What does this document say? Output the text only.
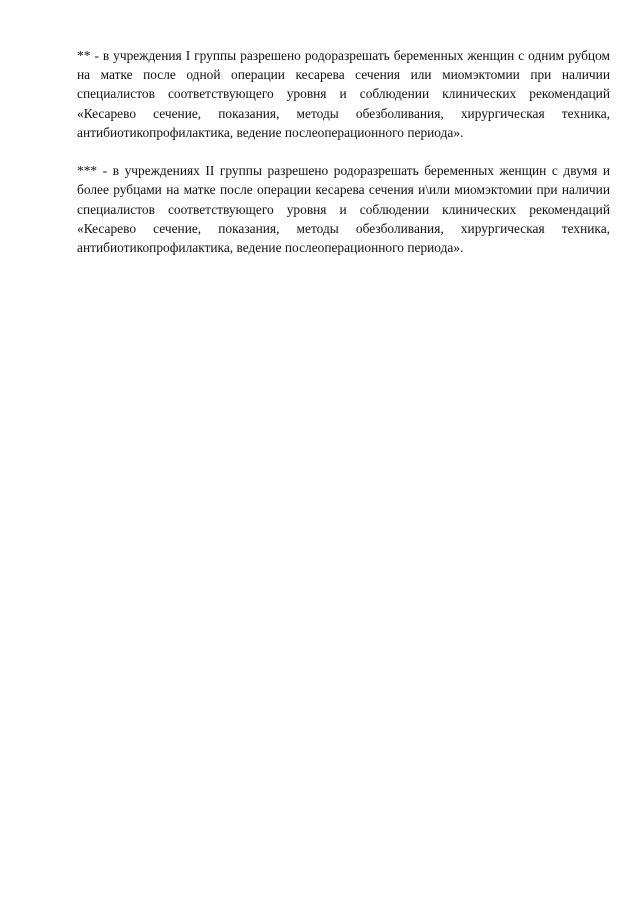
** - в учреждения I группы разрешено родоразрешать беременных женщин с одним рубцом на матке после одной операции кесарева сечения или миомэктомии при наличии специалистов соответствующего уровня и соблюдении клинических рекомендаций «Кесарево сечение, показания, методы обезболивания, хирургическая техника, антибиотикопрофилактика, ведение послеоперационного периода».

*** - в учреждениях II группы разрешено родоразрешать беременных женщин с двумя и более рубцами на матке после операции кесарева сечения и\или миомэктомии при наличии специалистов соответствующего уровня и соблюдении клинических рекомендаций «Кесарево сечение, показания, методы обезболивания, хирургическая техника, антибиотикопрофилактика, ведение послеоперационного периода».
